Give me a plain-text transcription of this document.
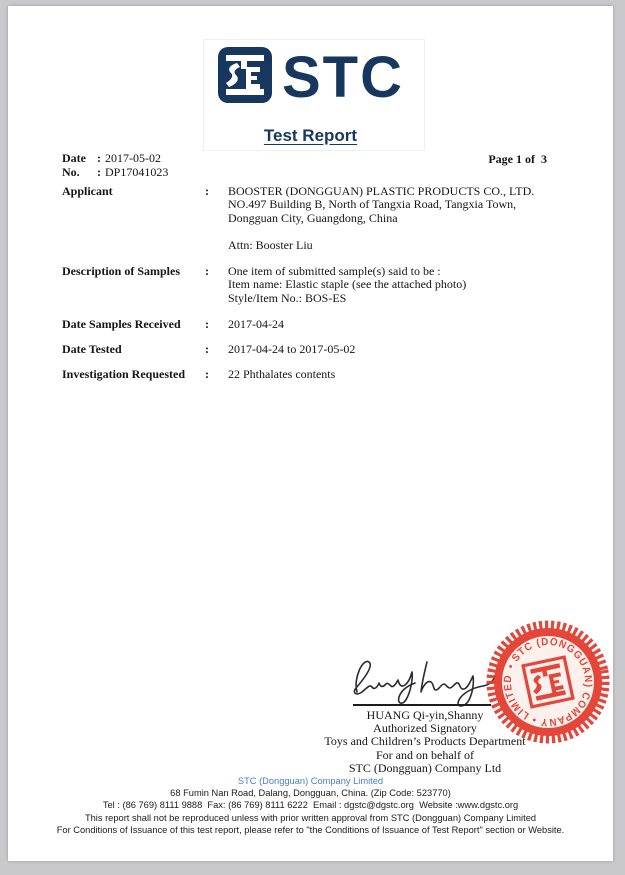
STC
Test Report
Date : 2017-05-02
No. : DP17041023
Page 1 of  3
Applicant	:	BOOSTER (DONGGUAN) PLASTIC PRODUCTS CO., LTD.
NO.497 Building B, North of Tangxia Road, Tangxia Town,
Dongguan City, Guangdong, China
Attn: Booster Liu
Description of Samples	:	One item of submitted sample(s) said to be :
Item name: Elastic staple (see the attached photo)
Style/Item No.: BOS-ES
Date Samples Received	:	2017-04-24
Date Tested	:	2017-04-24 to 2017-05-02
Investigation Requested	:	22 Phthalates contents
HUANG Qi-yin,Shanny
Authorized Signatory
Toys and Children’s Products Department
For and on behalf of
STC (Dongguan) Company Ltd
• STC (DONGGUAN) COMPANY • LIMITED
STC (Dongguan) Company Limited
68 Fumin Nan Road, Dalang, Dongguan, China. (Zip Code: 523770)
Tel : (86 769) 8111 9888  Fax: (86 769) 8111 6222  Email : dgstc@dgstc.org  Website :www.dgstc.org
This report shall not be reproduced unless with prior written approval from STC (Dongguan) Company Limited
For Conditions of Issuance of this test report, please refer to "the Conditions of Issuance of Test Report" section or Website.
